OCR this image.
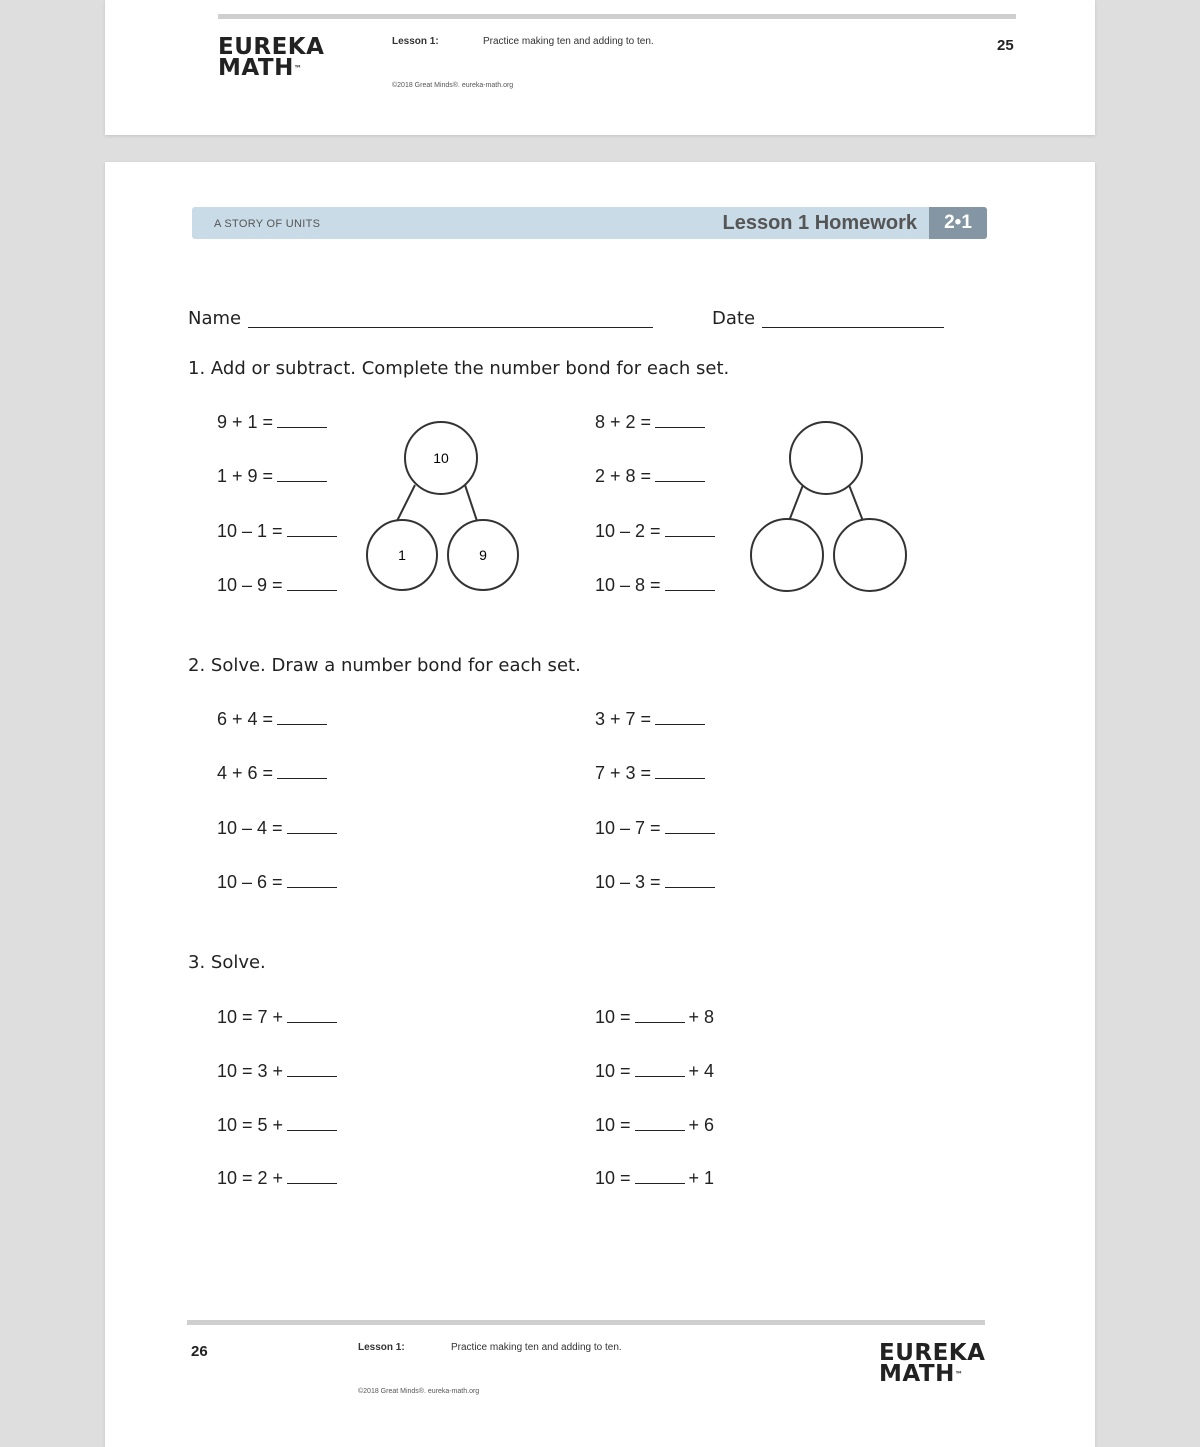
EUREKA
MATH™
Lesson 1:	Practice making ten and adding to ten.
©2018 Great Minds®. eureka-math.org
25
A STORY OF UNITS	Lesson 1 Homework	2•1
Name	Date
1. Add or subtract. Complete the number bond for each set.
9 + 1 =
1 + 9 =
10 – 1 =
10 – 9 =
8 + 2 =
2 + 8 =
10 – 2 =
10 – 8 =
10
1	9
2. Solve. Draw a number bond for each set.
6 + 4 =
4 + 6 =
10 – 4 =
10 – 6 =
3 + 7 =
7 + 3 =
10 – 7 =
10 – 3 =
3. Solve.
10 = 7 +
10 = 3 +
10 = 5 +
10 = 2 +
10 =	+ 8
10 =	+ 4
10 =	+ 6
10 =	+ 1
26	Lesson 1:	Practice making ten and adding to ten.
©2018 Great Minds®. eureka-math.org
EUREKA
MATH™
